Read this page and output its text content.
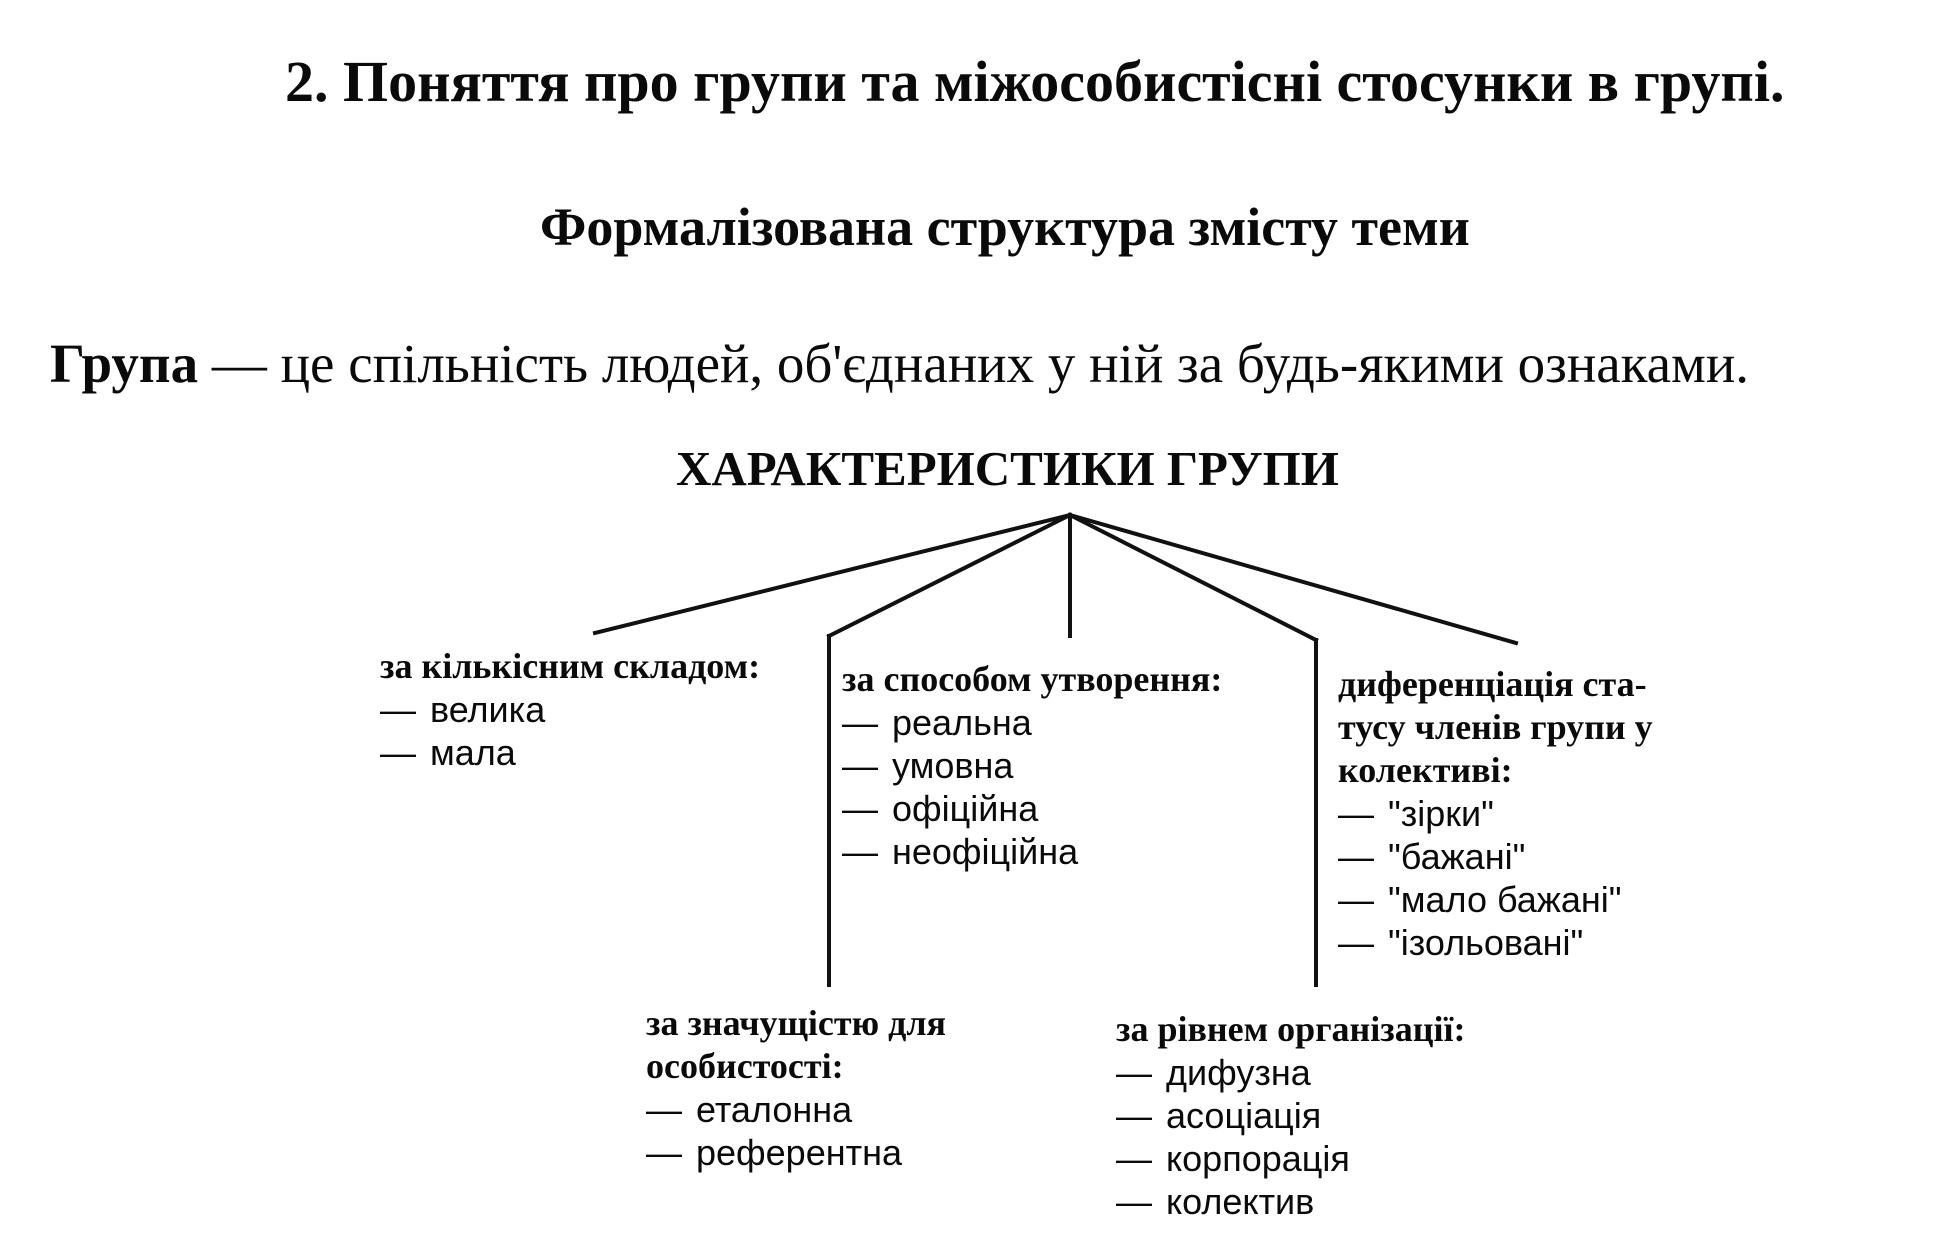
2. Поняття про групи та міжособистісні стосунки в групі.
Формалізована структура змісту теми
Група — це спільність людей, об'єднаних у ній за будь-якими ознаками.
ХАРАКТЕРИСТИКИ ГРУПИ
за кількісним складом:
— велика
— мала
за способом утворення:
— реальна
— умовна
— офіційна
— неофіційна
диференціація ста-
тусу членів групи у
колективі:
— "зірки"
— "бажані"
— "мало бажані"
— "ізольовані"
за значущістю для
особистості:
— еталонна
— референтна
за рівнем організації:
— дифузна
— асоціація
— корпорація
— колектив
